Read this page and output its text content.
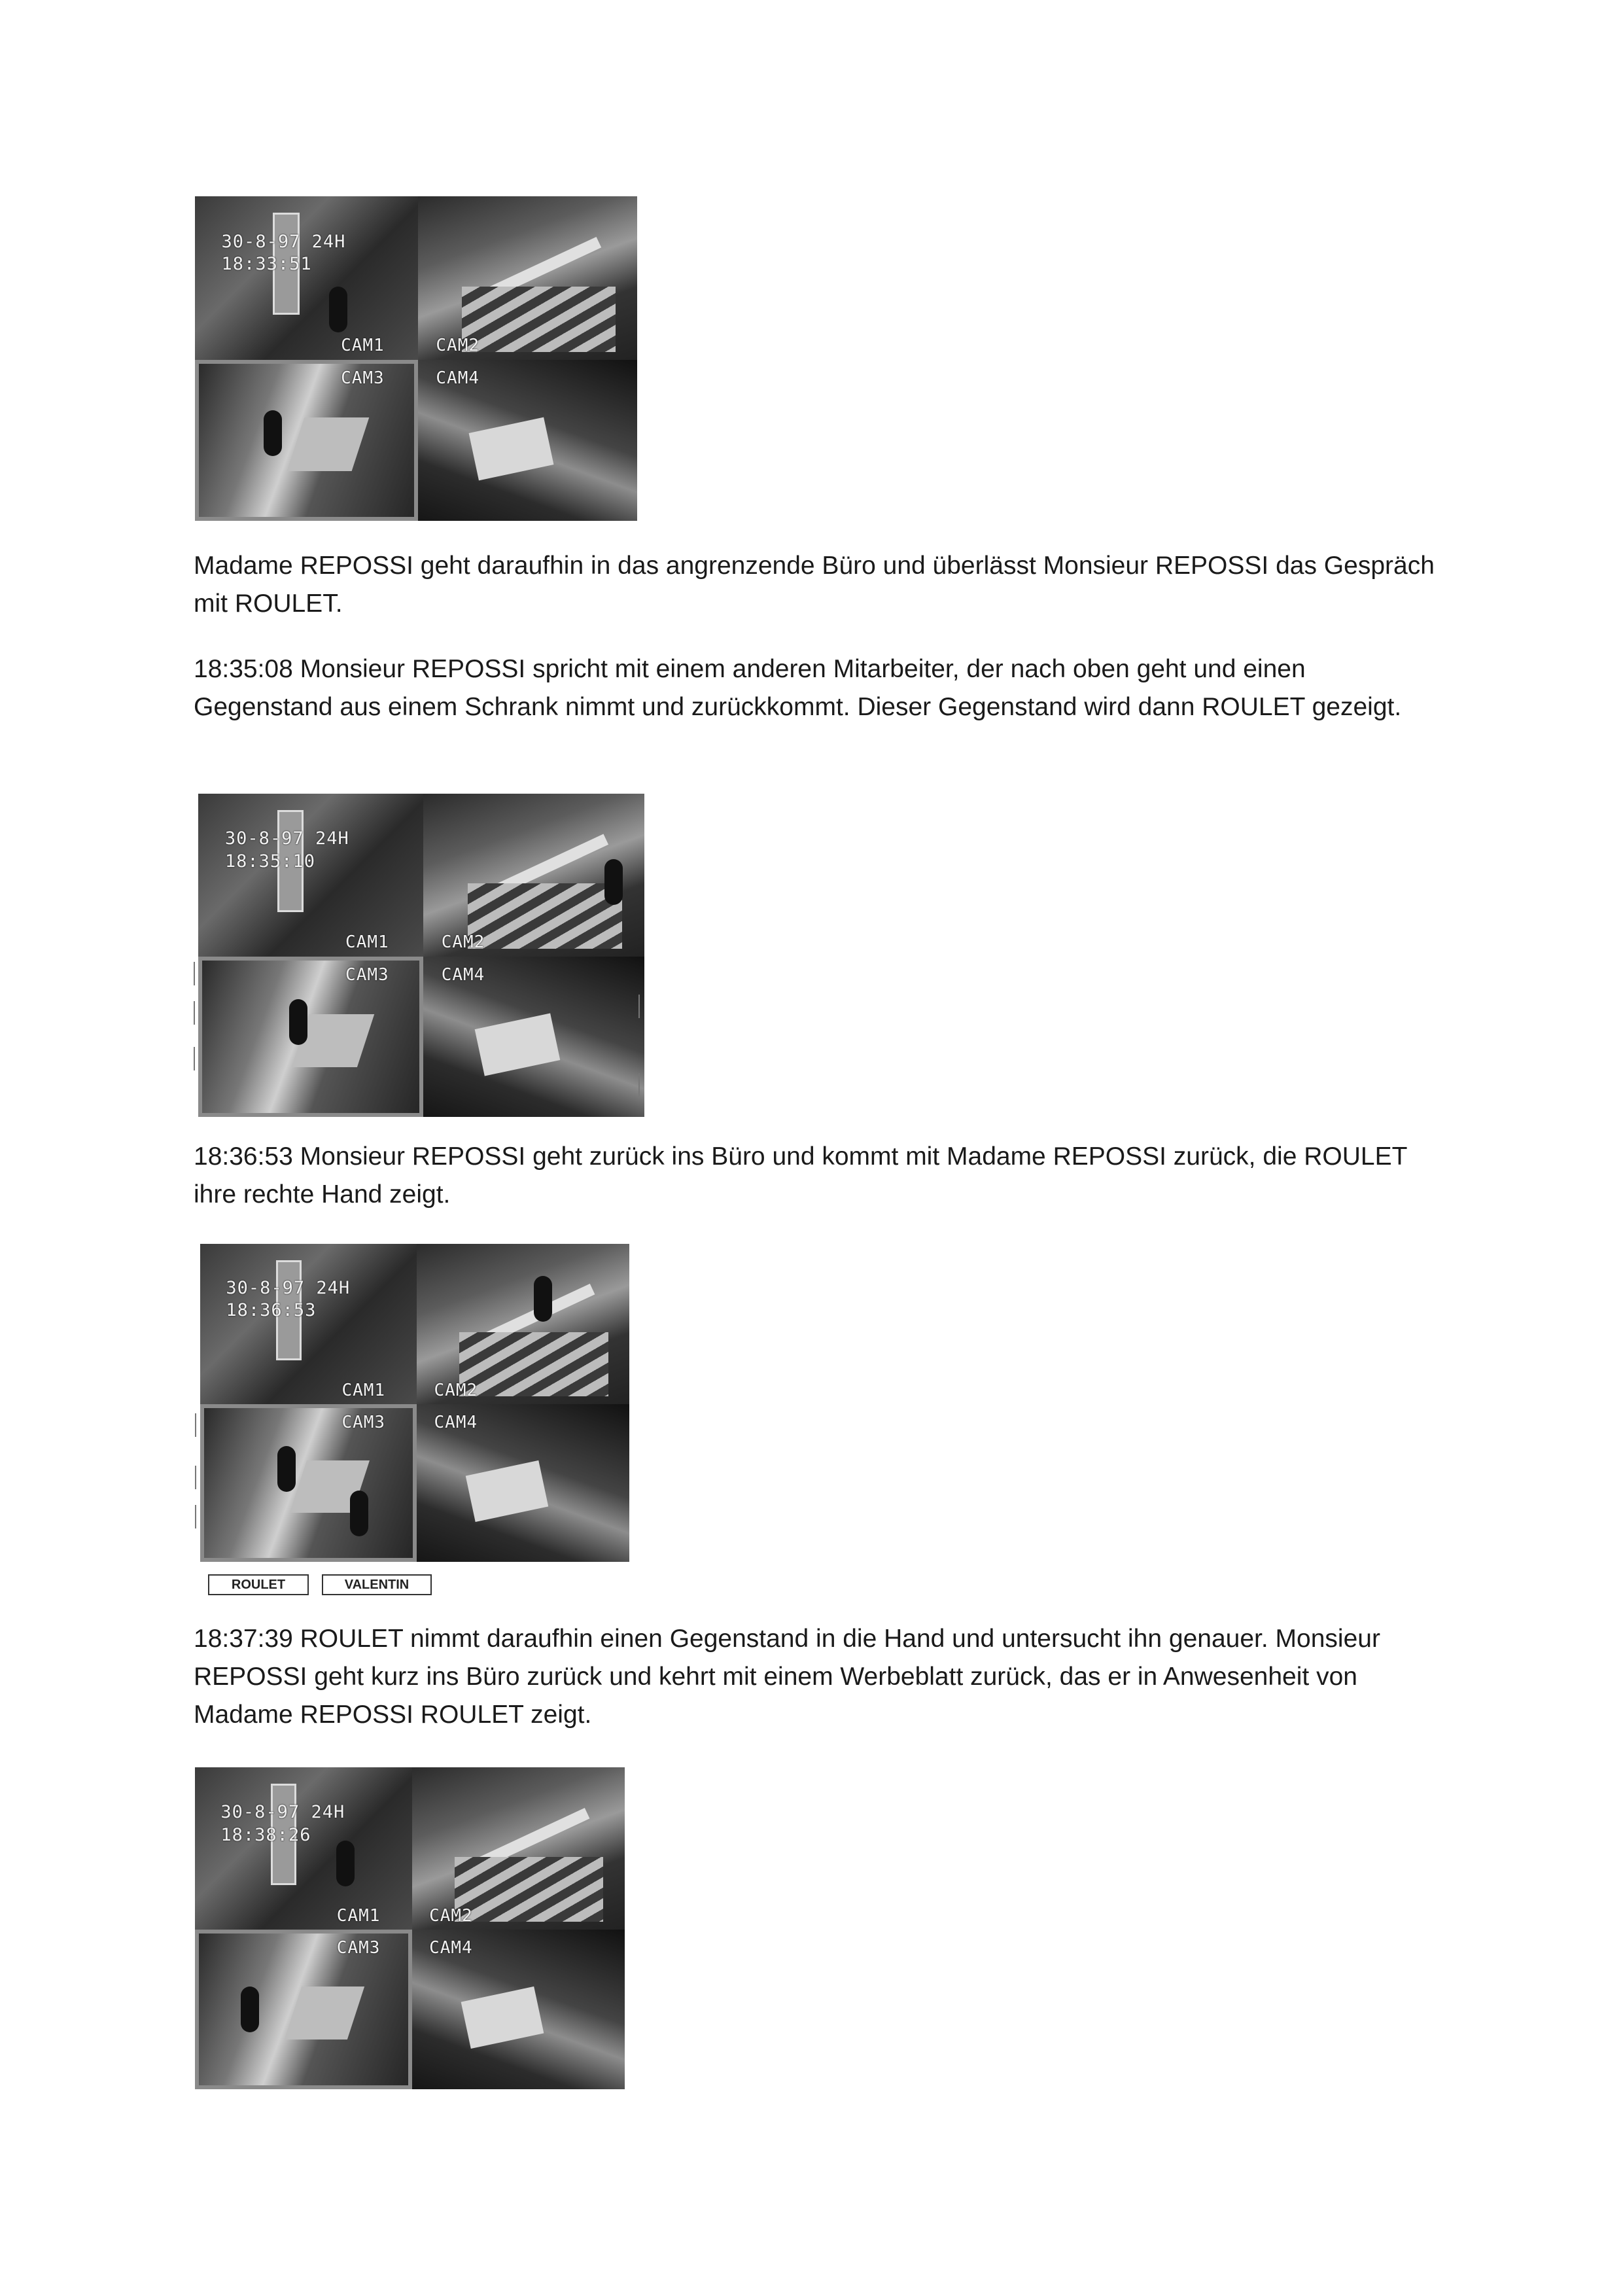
30-8-97 24H
18:33:51
CAM1	CAM2
CAM3	CAM4

Madame REPOSSI geht daraufhin in das angrenzende Büro und überlässt Monsieur REPOSSI das Gespräch mit ROULET.

18:35:08 Monsieur REPOSSI spricht mit einem anderen Mitarbeiter, der nach oben geht und einen Gegenstand aus einem Schrank nimmt und zurückkommt. Dieser Gegenstand wird dann ROULET gezeigt.

30-8-97 24H
18:35:10
CAM1	CAM2
CAM3	CAM4

18:36:53 Monsieur REPOSSI geht zurück ins Büro und kommt mit Madame REPOSSI zurück, die ROULET ihre rechte Hand zeigt.

30-8-97 24H
18:36:53
CAM1	CAM2
CAM3	CAM4
ROULET	VALENTIN

18:37:39 ROULET nimmt daraufhin einen Gegenstand in die Hand und untersucht ihn genauer. Monsieur REPOSSI geht kurz ins Büro zurück und kehrt mit einem Werbeblatt zurück, das er in Anwesenheit von Madame REPOSSI ROULET zeigt.

30-8-97 24H
18:38:26
CAM1	CAM2
CAM3	CAM4
